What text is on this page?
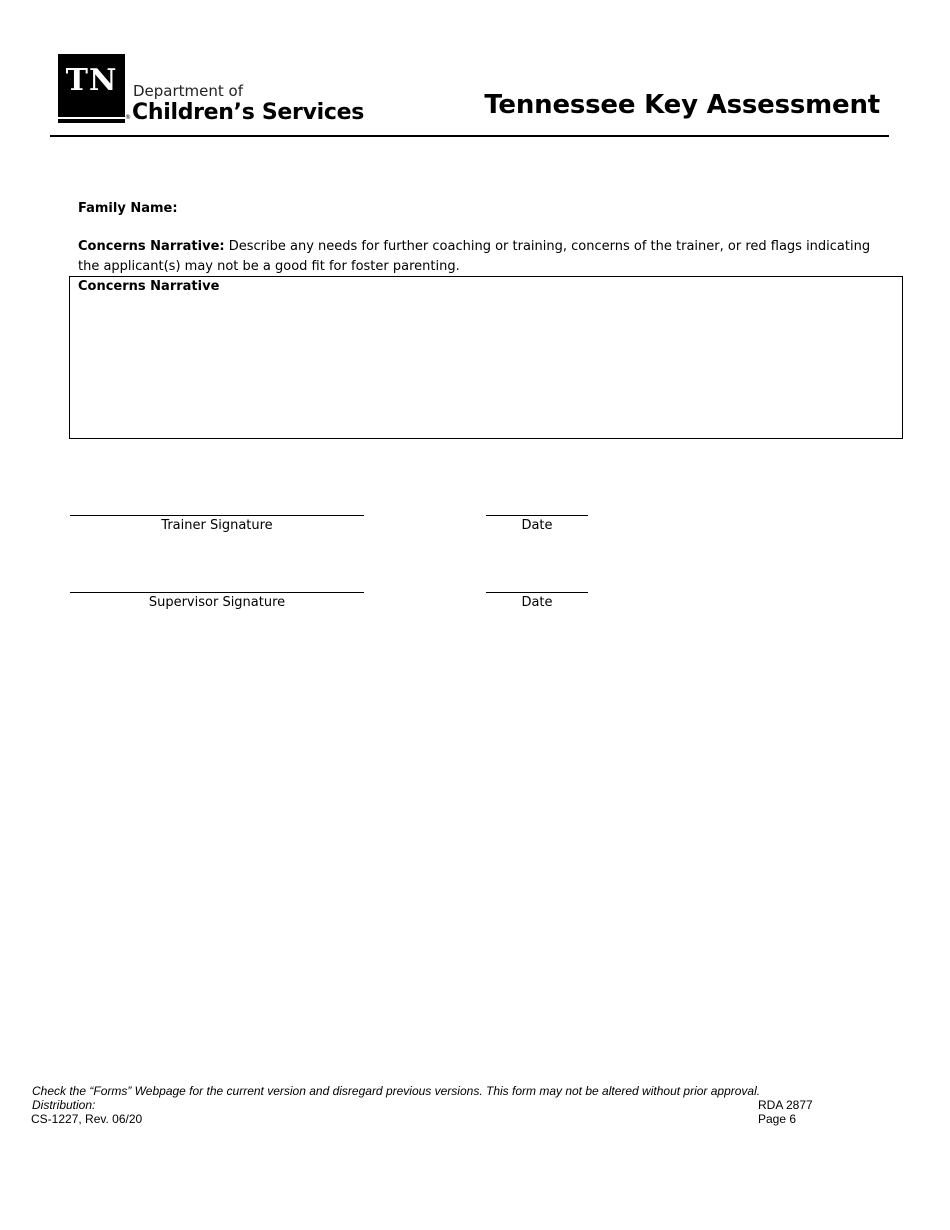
TN
®
Department of
Children’s Services	Tennessee Key Assessment
Family Name:
Concerns Narrative: Describe any needs for further coaching or training, concerns of the trainer, or red flags indicating the applicant(s) may not be a good fit for foster parenting.
Concerns Narrative
Trainer Signature	Date
Supervisor Signature	Date
Check the “Forms” Webpage for the current version and disregard previous versions. This form may not be altered without prior approval.
Distribution:
CS-1227, Rev. 06/20
RDA 2877
Page 6
